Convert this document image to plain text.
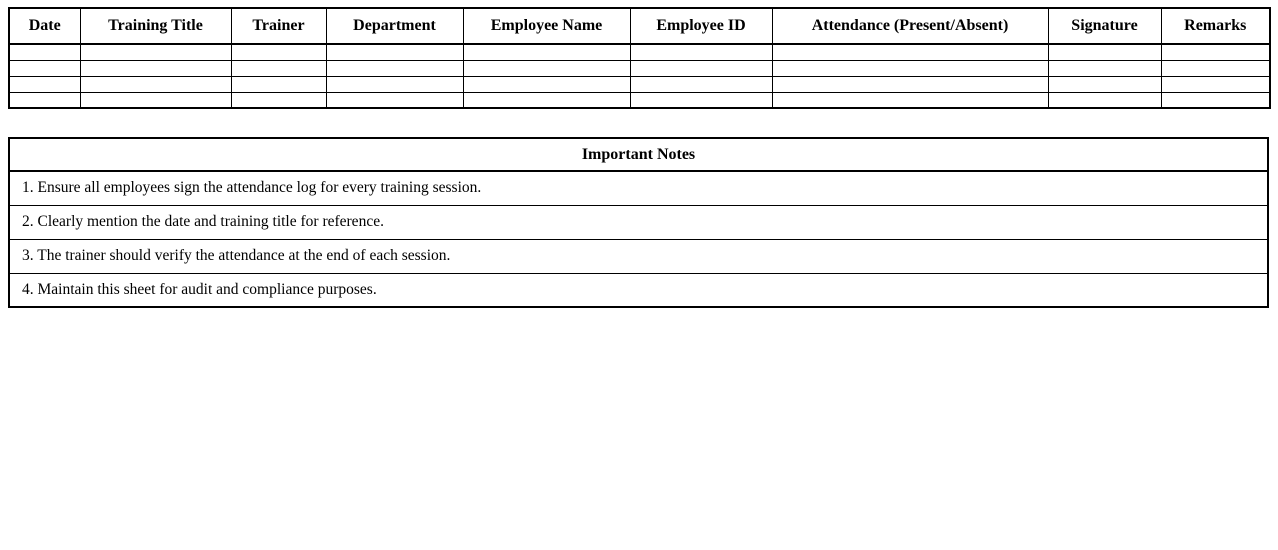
Date	Training Title	Trainer	Department	Employee Name	Employee ID	Attendance (Present/Absent)	Signature	Remarks

Important Notes
1. Ensure all employees sign the attendance log for every training session.
2. Clearly mention the date and training title for reference.
3. The trainer should verify the attendance at the end of each session.
4. Maintain this sheet for audit and compliance purposes.
